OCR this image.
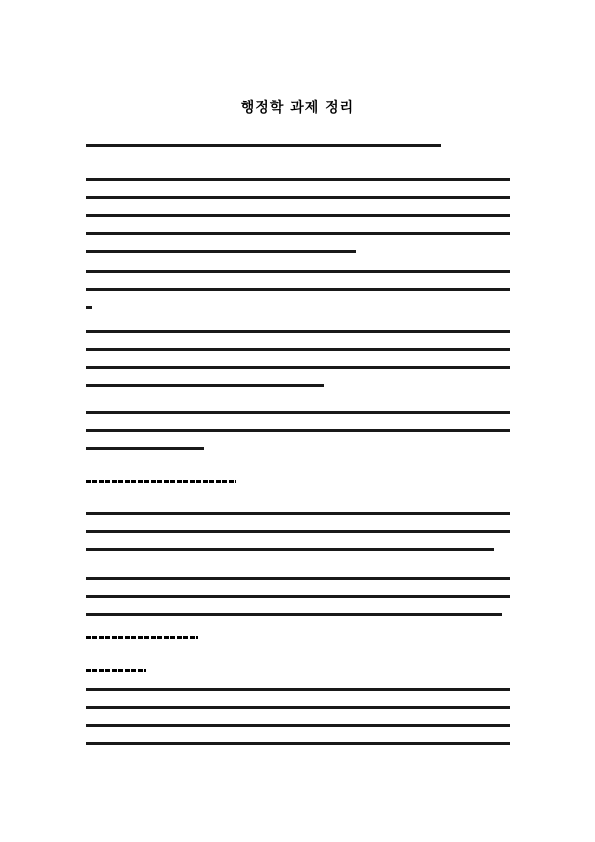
행정학 과제 정리
